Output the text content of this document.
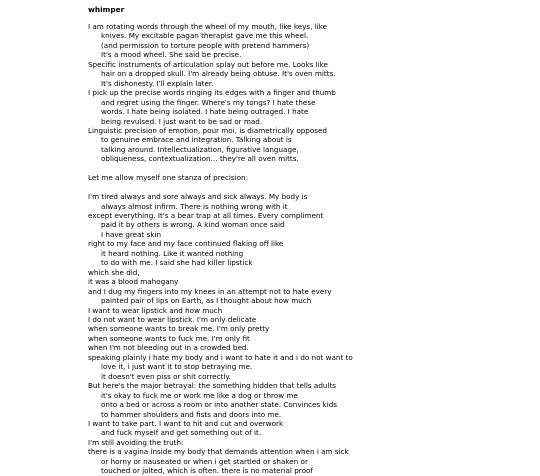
whimper
I am rotating words through the wheel of my mouth, like keys, like
knives. My excitable pagan therapist gave me this wheel.
(and permission to torture people with pretend hammers)
It's a mood wheel. She said be precise.
Specific instruments of articulation splay out before me. Looks like
hair on a dropped skull. I'm already being obtuse. It's oven mitts.
It's dishonesty. I'll explain later.
I pick up the precise words ringing its edges with a finger and thumb
and regret using the finger. Where's my tongs? I hate these
words. I hate being isolated. I hate being outraged. I hate
being revulsed. I just want to be sad or mad.
Linguistic precision of emotion, pour moi, is diametrically opposed
to genuine embrace and integration. Talking about is
talking around. Intellectualization, figurative language,
obliqueness, contextualization… they're all oven mitts.
Let me allow myself one stanza of precision:
I'm tired always and sore always and sick always. My body is
always almost infirm. There is nothing wrong with it
except everything. It's a bear trap at all times. Every compliment
paid it by others is wrong. A kind woman once said
I have great skin
right to my face and my face continued flaking off like
it heard nothing. Like it wanted nothing
to do with me. I said she had killer lipstick
which she did,
it was a blood mahogany
and I dug my fingers into my knees in an attempt not to hate every
painted pair of lips on Earth, as I thought about how much
I want to wear lipstick and how much
I do not want to wear lipstick. I'm only delicate
when someone wants to break me. I'm only pretty
when someone wants to fuck me. I'm only fit
when I'm not bleeding out in a crowded bed.
speaking plainly i hate my body and i want to hate it and i do not want to
love it, i just want it to stop betraying me.
it doesn't even piss or shit correctly.
But here's the major betrayal: the something hidden that tells adults
it's okay to fuck me or work me like a dog or throw me
onto a bed or across a room or into another state. Convinces kids
to hammer shoulders and fists and doors into me.
I want to take part. I want to hit and cut and overwork
and fuck myself and get something out of it.
I'm still avoiding the truth:
there is a vagina inside my body that demands attention when i am sick
or horny or nauseated or when i get startled or shaken or
touched or jolted, which is often. there is no material proof
